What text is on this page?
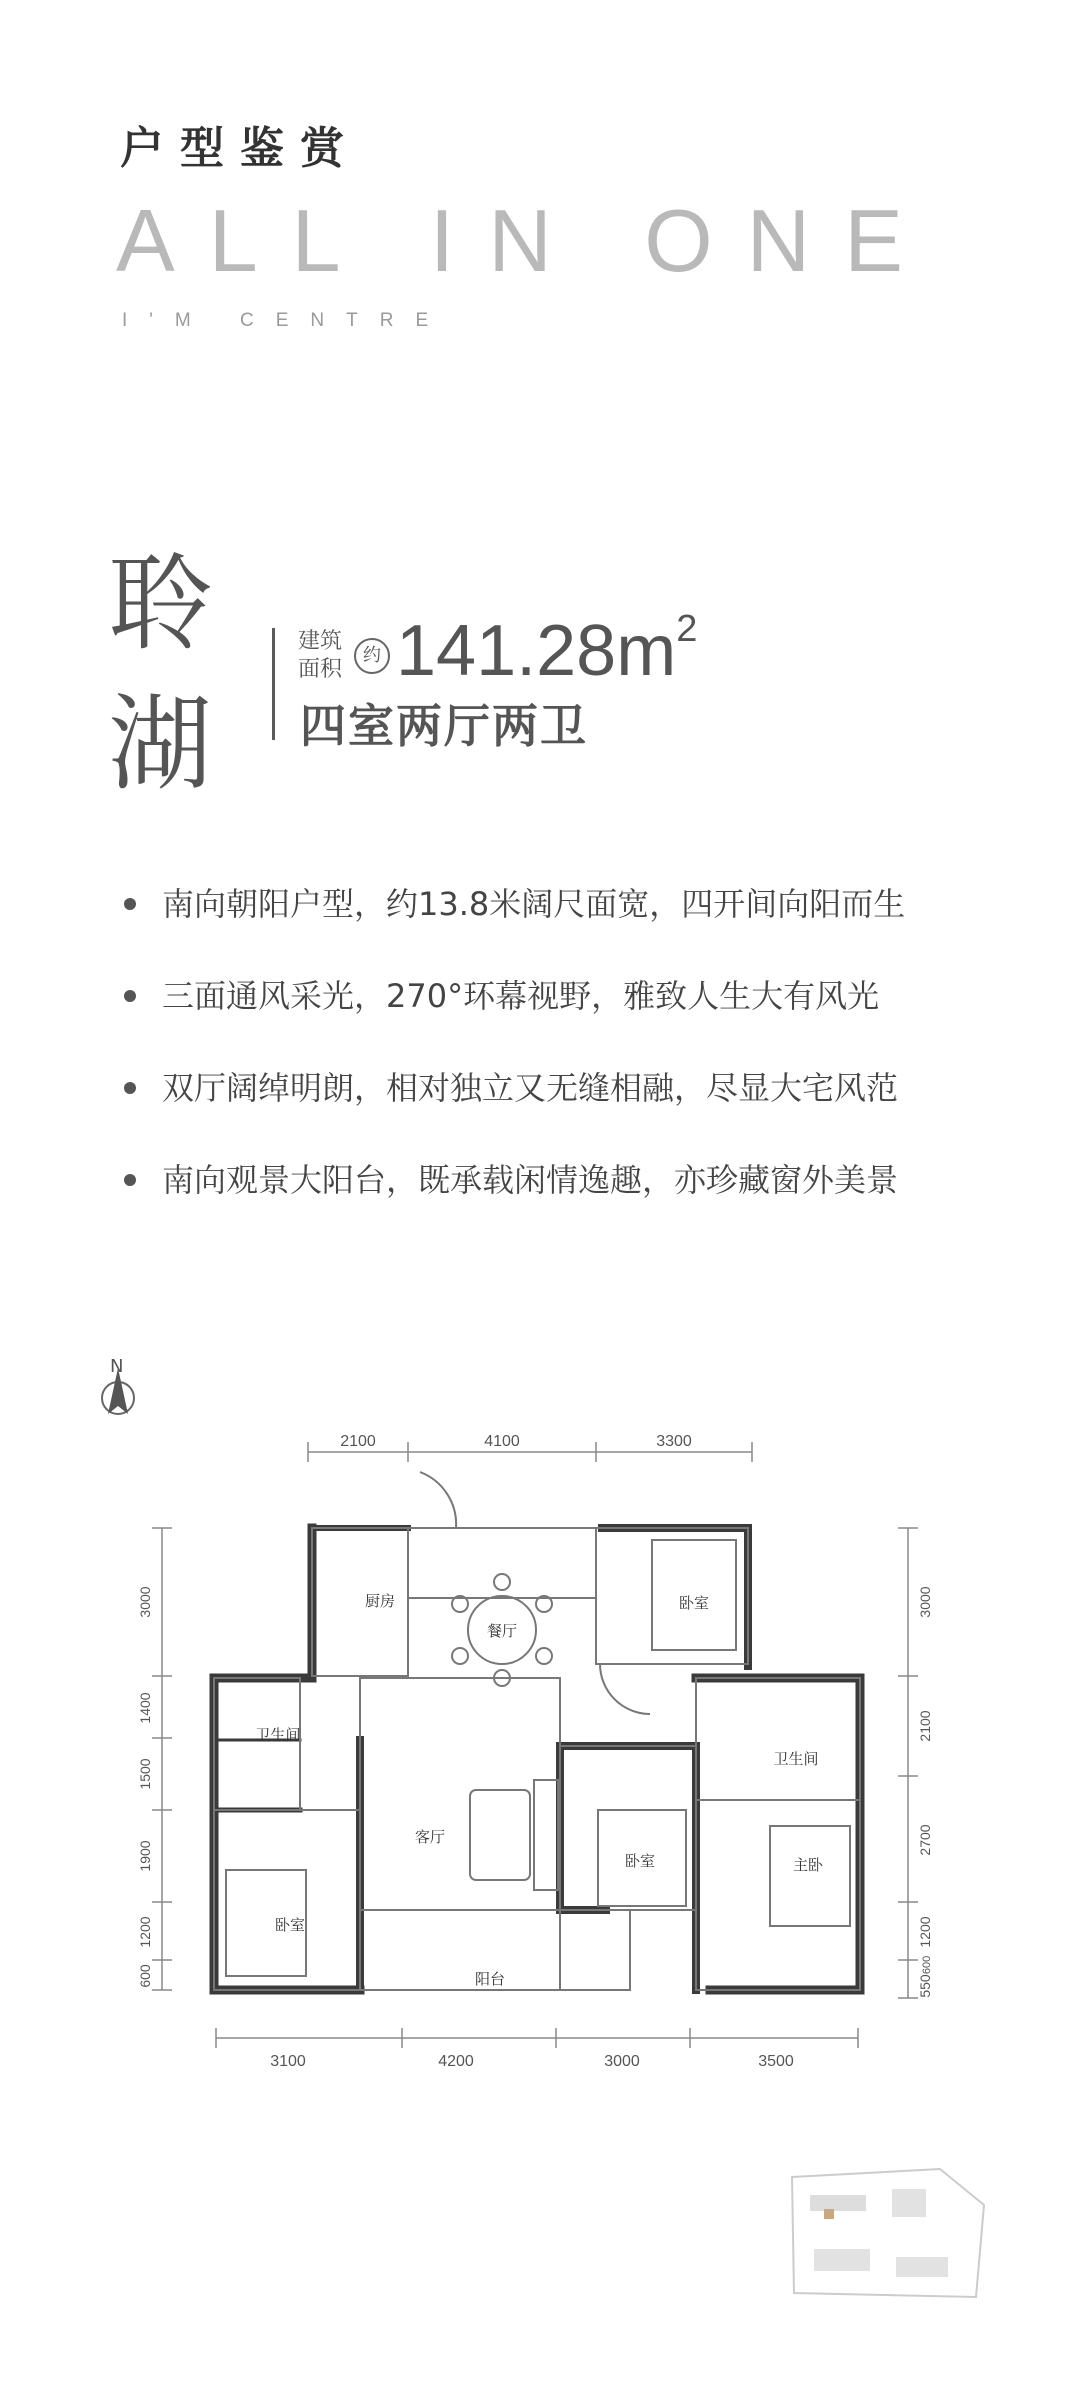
户型鉴赏
ALL IN ONE
I'M CENTRE
聆
湖
建筑面积
约 $141.28m^2$
四室两厅两卫
南向朝阳户型，约13.8米阔尺面宽，四开间向阳而生
三面通风采光，270°环幕视野，雅致人生大有风光
双厅阔绰明朗，相对独立又无缝相融，尽显大宅风范
南向观景大阳台，既承载闲情逸趣，亦珍藏窗外美景
N
2100	4100	3300
3100	4200	3000	3500
3000
1400
1500
1900
1200
600
3000
2100
2700
1200
550
600
厨房
餐厅
卧室
卫生间
卫生间
客厅
卧室	主卧
卧室
阳台
